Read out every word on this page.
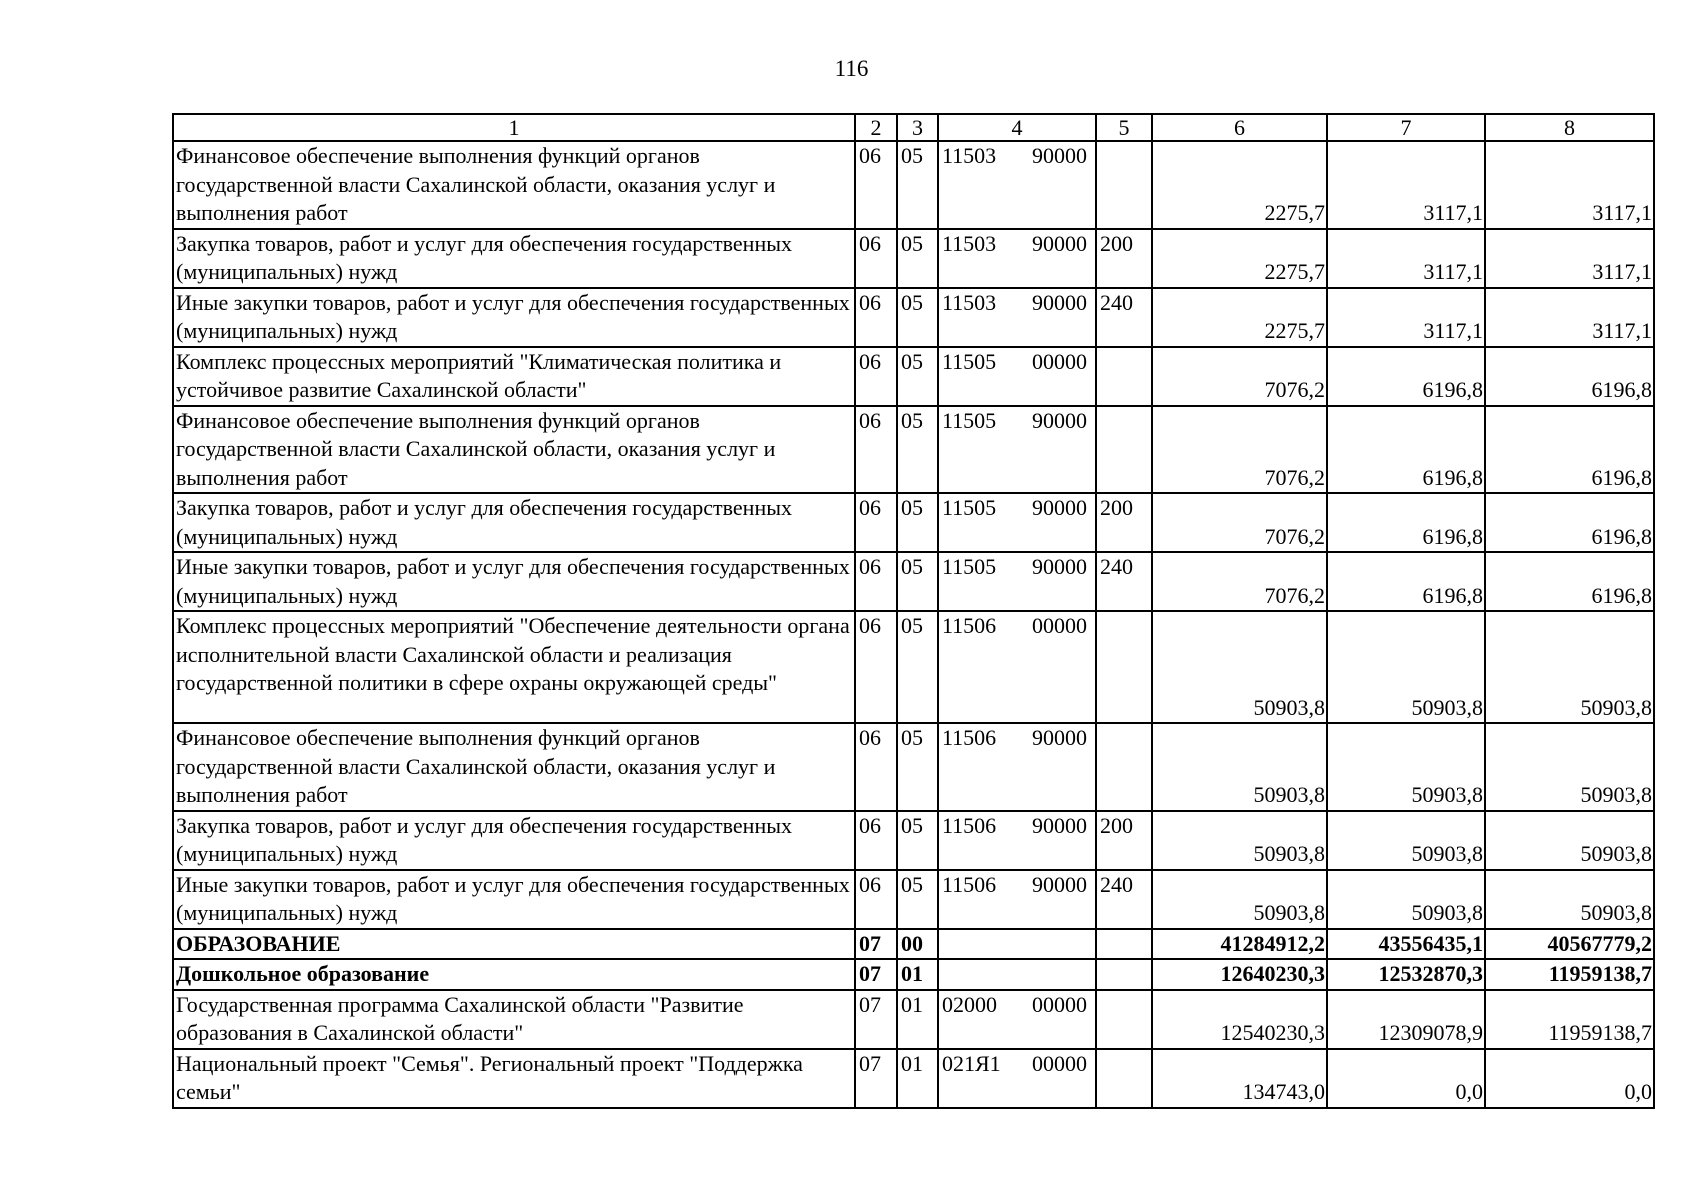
116
1	2	3	4	5	6	7	8

Финансовое обеспечение выполнения функций органов государственной власти Сахалинской области, оказания услуг и выполнения работ	06	05	11503 90000		2275,7	3117,1	3117,1

Закупка товаров, работ и услуг для обеспечения государственных (муниципальных) нужд	06	05	11503 90000	200	2275,7	3117,1	3117,1

Иные закупки товаров, работ и услуг для обеспечения государственных (муниципальных) нужд	06	05	11503 90000	240	2275,7	3117,1	3117,1

Комплекс процессных мероприятий "Климатическая политика и устойчивое развитие Сахалинской области"	06	05	11505 00000		7076,2	6196,8	6196,8

Финансовое обеспечение выполнения функций органов государственной власти Сахалинской области, оказания услуг и выполнения работ	06	05	11505 90000		7076,2	6196,8	6196,8

Закупка товаров, работ и услуг для обеспечения государственных (муниципальных) нужд	06	05	11505 90000	200	7076,2	6196,8	6196,8

Иные закупки товаров, работ и услуг для обеспечения государственных (муниципальных) нужд	06	05	11505 90000	240	7076,2	6196,8	6196,8

Комплекс процессных мероприятий "Обеспечение деятельности органа исполнительной власти Сахалинской области и реализация государственной политики в сфере охраны окружающей среды"	06	05	11506 00000		50903,8	50903,8	50903,8

Финансовое обеспечение выполнения функций органов государственной власти Сахалинской области, оказания услуг и выполнения работ	06	05	11506 90000		50903,8	50903,8	50903,8

Закупка товаров, работ и услуг для обеспечения государственных (муниципальных) нужд	06	05	11506 90000	200	50903,8	50903,8	50903,8

Иные закупки товаров, работ и услуг для обеспечения государственных (муниципальных) нужд	06	05	11506 90000	240	50903,8	50903,8	50903,8

ОБРАЗОВАНИЕ	07	00			41284912,2	43556435,1	40567779,2

Дошкольное образование	07	01			12640230,3	12532870,3	11959138,7

Государственная программа Сахалинской области "Развитие образования в Сахалинской области"	07	01	02000 00000		12540230,3	12309078,9	11959138,7

Национальный проект "Семья". Региональный проект "Поддержка семьи"	07	01	021Я1 00000		134743,0	0,0	0,0
